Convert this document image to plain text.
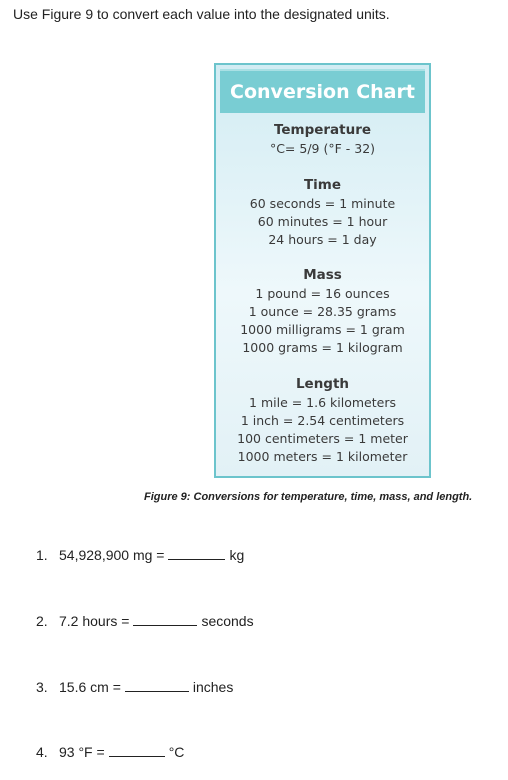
Use Figure 9 to convert each value into the designated units.
Conversion Chart
Temperature
°C= 5/9 (°F - 32)
Time
60 seconds = 1 minute
60 minutes = 1 hour
24 hours = 1 day
Mass
1 pound = 16 ounces
1 ounce = 28.35 grams
1000 milligrams = 1 gram
1000 grams = 1 kilogram
Length
1 mile = 1.6 kilometers
1 inch = 2.54 centimeters
100 centimeters = 1 meter
1000 meters = 1 kilometer
Figure 9: Conversions for temperature, time, mass, and length.
1. 54,928,900 mg =	kg
2. 7.2 hours =	seconds
3. 15.6 cm =	inches
4. 93 °F =	°C
